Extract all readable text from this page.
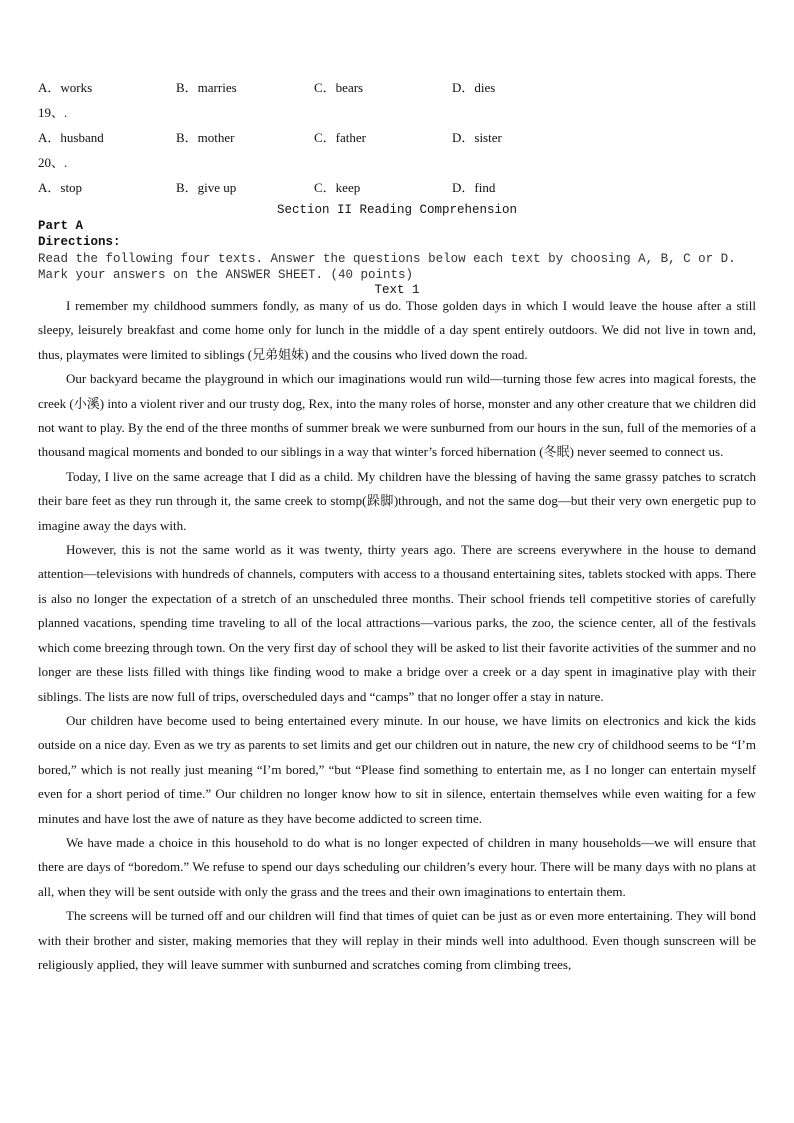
A．works	B．marries	C．bears	D．dies
19、.
A．husband	B．mother	C．father	D．sister
20、.
A．stop	B．give up	C．keep	D．find
Section II Reading Comprehension
Part A
Directions:
Read the following four texts. Answer the questions below each text by choosing A, B, C or D. Mark your answers on the ANSWER SHEET. (40 points)
Text 1

I remember my childhood summers fondly, as many of us do. Those golden days in which I would leave the house after a still sleepy, leisurely breakfast and come home only for lunch in the middle of a day spent entirely outdoors. We did not live in town and, thus, playmates were limited to siblings (兄弟姐妹) and the cousins who lived down the road.

Our backyard became the playground in which our imaginations would run wild—turning those few acres into magical forests, the creek (小溪) into a violent river and our trusty dog, Rex, into the many roles of horse, monster and any other creature that we children did not want to play. By the end of the three months of summer break we were sunburned from our hours in the sun, full of the memories of a thousand magical moments and bonded to our siblings in a way that winter’s forced hibernation (冬眠) never seemed to connect us.

Today, I live on the same acreage that I did as a child. My children have the blessing of having the same grassy patches to scratch their bare feet as they run through it, the same creek to stomp(跺脚)through, and not the same dog—but their very own energetic pup to imagine away the days with.

However, this is not the same world as it was twenty, thirty years ago. There are screens everywhere in the house to demand attention—televisions with hundreds of channels, computers with access to a thousand entertaining sites, tablets stocked with apps. There is also no longer the expectation of a stretch of an unscheduled three months. Their school friends tell competitive stories of carefully planned vacations, spending time traveling to all of the local attractions—various parks, the zoo, the science center, all of the festivals which come breezing through town. On the very first day of school they will be asked to list their favorite activities of the summer and no longer are these lists filled with things like finding wood to make a bridge over a creek or a day spent in imaginative play with their siblings. The lists are now full of trips, overscheduled days and “camps” that no longer offer a stay in nature.

Our children have become used to being entertained every minute. In our house, we have limits on electronics and kick the kids outside on a nice day. Even as we try as parents to set limits and get our children out in nature, the new cry of childhood seems to be “I’m bored,” which is not really just meaning “I’m bored,” “but “Please find something to entertain me, as I no longer can entertain myself even for a short period of time.” Our children no longer know how to sit in silence, entertain themselves while even waiting for a few minutes and have lost the awe of nature as they have become addicted to screen time.

We have made a choice in this household to do what is no longer expected of children in many households—we will ensure that there are days of “boredom.” We refuse to spend our days scheduling our children’s every hour. There will be many days with no plans at all, when they will be sent outside with only the grass and the trees and their own imaginations to entertain them.

The screens will be turned off and our children will find that times of quiet can be just as or even more entertaining. They will bond with their brother and sister, making memories that they will replay in their minds well into adulthood. Even though sunscreen will be religiously applied, they will leave summer with sunburned and scratches coming from climbing trees,
